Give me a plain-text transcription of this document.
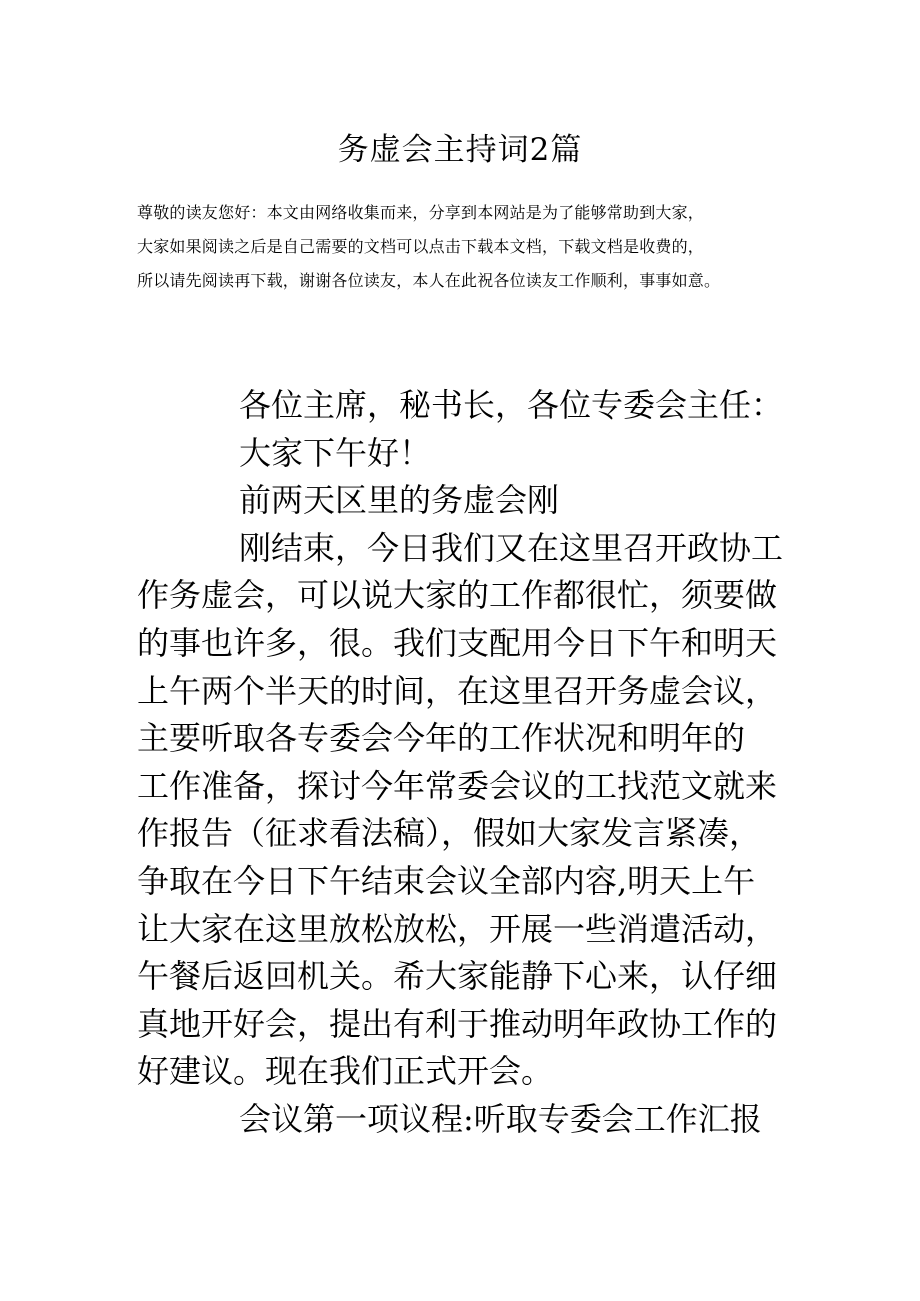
务虚会主持词2篇
尊敬的读友您好：本文由网络收集而来，分享到本网站是为了能够常助到大家，
大家如果阅读之后是自己需要的文档可以点击下载本文档，下载文档是收费的，
所以请先阅读再下载，谢谢各位读友，本人在此祝各位读友工作顺利，事事如意。
各位主席，秘书长，各位专委会主任：
大家下午好！
前两天区里的务虚会刚
刚结束，今日我们又在这里召开政协工
作务虚会，可以说大家的工作都很忙，须要做
的事也许多，很。我们支配用今日下午和明天
上午两个半天的时间，在这里召开务虚会议，
主要听取各专委会今年的工作状况和明年的
工作准备，探讨今年常委会议的工找范文就来
作报告（征求看法稿），假如大家发言紧凑，
争取在今日下午结束会议全部内容,明天上午
让大家在这里放松放松，开展一些消遣活动，
午餐后返回机关。希大家能静下心来，认仔细
真地开好会，提出有利于推动明年政协工作的
好建议。现在我们正式开会。
会议第一项议程:听取专委会工作汇报
